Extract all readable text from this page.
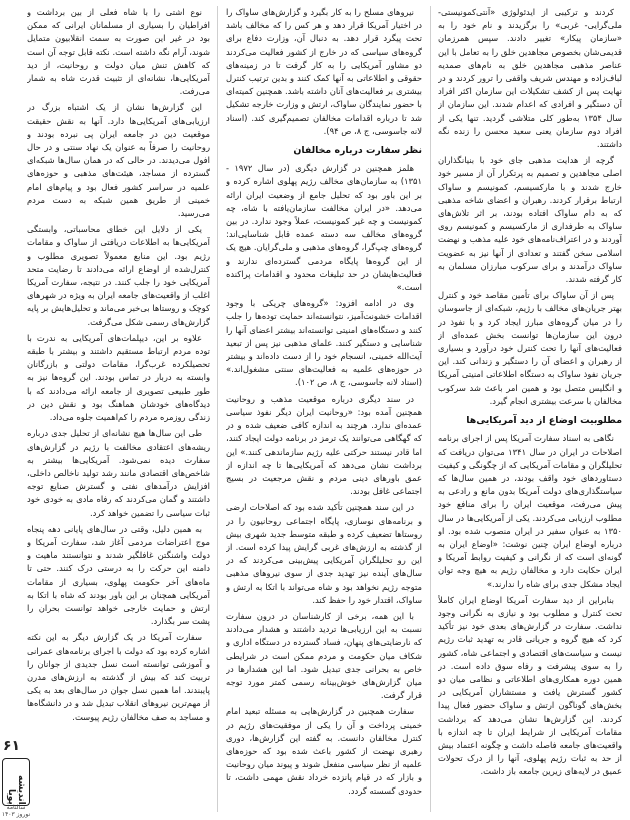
کردند و ترکیبی از ایدئولوژی «آنتی‌کمونیستی- ملی‌گرایی- غربی» را برگزیدند و نام خود را به «سازمان پیکار» تغییر دادند. سپس همرزمان قدیمی‌شان بخصوص مجاهدین خلق را به تعامل با این عناصر مذهبی مجاهدین خلق به نام‌های صمدیه لباف‌زاده و مهندس شریف واقفی را ترور کردند و در نهایت پس از کشف تشکیلات این سازمان اکثر افراد آن دستگیر و افرادی که اعدام شدند. این سازمان از سال ۱۳۵۴ به‌طور کلی متلاشی گردید. تنها یکی از افراد دوم سازمان یعنی سعید محسن را زنده نگه داشتند.

گرچه از هدایت مذهبی جای خود با بنیانگذاران اصلی مجاهدین و تصمیم به پرتکرار آن از مسیر خود خارج شدند و با مارکسیسم، کمونیسم و ساواک ارتباط برقرار کردند. رهبران و اعضای شاخه مذهبی که به دام ساواک افتاده بودند، بر اثر تلاش‌های ساواک به طرفداری از مارکسیسم و کمونیسم روی آوردند و در اعتراف‌نامه‌های خود علیه مذهب و نهضت اسلامی سخن گفتند و تعدادی از آنها نیز به عضویت ساواک درآمدند و برای سرکوب مبارزان مسلمان به کار گرفته شدند.

پس از آن ساواک برای تأمین مقاصد خود و کنترل بهتر جریان‌های مخالف با رژیم، شبکه‌ای از جاسوسان را در میان گروه‌های مبارز ایجاد کرد و با نفوذ در درون این سازمان‌ها توانست بخش عمده‌ای از فعالیت‌های آنها را تحت کنترل خود درآورد و بسیاری از رهبران و اعضای آن را دستگیر و زندانی کند. این جریان نفوذ ساواک به دستگاه اطلاعاتی امنیتی آمریکا و انگلیس متصل بود و همین امر باعث شد سرکوب مخالفان با سرعت بیشتری انجام گیرد.

مطلوبیت اوضاع از دید آمریکایی‌ها

نگاهی به اسناد سفارت آمریکا پس از اجرای برنامه اصلاحات در ایران در سال ۱۳۴۱ می‌توان دریافت که تحلیلگران و مقامات آمریکایی که از چگونگی و کیفیت دستاوردهای خود واقف بودند، در همین سال‌ها که سیاستگذاری‌های دولت آمریکا بدون مانع و رادعی به پیش می‌رفت، موقعیت ایران را برای منافع خود مطلوب ارزیابی می‌کردند. یکی از آمریکایی‌ها در سال ۱۳۵۰ به عنوان سفیر در ایران منصوب شده بود. او درباره اوضاع ایران چنین نوشت: «اوضاع ایران به گونه‌ای است که از نگرانی و کیفیت روابط آمریکا و ایران حکایت دارد و مخالفان رژیم به هیچ وجه توان ایجاد مشکل جدی برای شاه را ندارند.»

بنابراین از دید سفارت آمریکا اوضاع ایران کاملاً تحت کنترل و مطلوب بود و نیازی به نگرانی وجود نداشت. سفارت در گزارش‌های بعدی خود نیز تأکید کرد که هیچ گروه و جریانی قادر به تهدید ثبات رژیم نیست و سیاست‌های اقتصادی و اجتماعی شاه، کشور را به سوی پیشرفت و رفاه سوق داده است. در همین دوره همکاری‌های اطلاعاتی و نظامی میان دو کشور گسترش یافت و مستشاران آمریکایی در بخش‌های گوناگون ارتش و ساواک حضور فعال پیدا کردند. این گزارش‌ها نشان می‌دهد که برداشت مقامات آمریکایی از شرایط ایران تا چه اندازه با واقعیت‌های جامعه فاصله داشت و چگونه اعتماد بیش از حد به ثبات رژیم پهلوی، آنها را از درک تحولات عمیق در لایه‌های زیرین جامعه باز داشت.

نیروهای مسلح را به کار بگیرد و گزارش‌های ساواک را در اختیار آمریکا قرار دهد و هر کس را که مخالف باشد تحت پیگرد قرار دهد. به دنبال آن، وزارت دفاع برای گروه‌های سیاسی که در خارج از کشور فعالیت می‌کردند دو مشاور آمریکایی را به کار گرفت تا در زمینه‌های حقوقی و اطلاعاتی به آنها کمک کنند و بدین ترتیب کنترل بیشتری بر فعالیت‌های آنان داشته باشد. همچنین کمیته‌ای با حضور نمایندگان ساواک، ارتش و وزارت خارجه تشکیل شد تا درباره اقدامات مخالفان تصمیم‌گیری کند. (اسناد لانه جاسوسی، ج ۸، ص ۹۴).

نظر سفارت درباره مخالفان

هلمز همچنین در گزارش دیگری (در سال ۱۹۷۲ - ۱۳۵۱) به سازمان‌های مخالف رژیم پهلوی اشاره کرده و بر این باور بود که تحلیل جامع از وضعیت ایران ارائه می‌دهد. «در ایران مخالفت سازمان‌یافته با شاه، چه کمونیست و چه غیر کمونیست، عملاً وجود ندارد. در بین گروه‌های مخالف سه دسته عمده قابل شناسایی‌اند: گروه‌های چپ‌گرا، گروه‌های مذهبی و ملی‌گرایان. هیچ یک از این گروه‌ها پایگاه مردمی گسترده‌ای ندارند و فعالیت‌هایشان در حد تبلیغات محدود و اقدامات پراکنده است.»

وی در ادامه افزود: «گروه‌های چریکی با وجود اقدامات خشونت‌آمیز، نتوانسته‌اند حمایت توده‌ها را جلب کنند و دستگاه‌های امنیتی توانسته‌اند بیشتر اعضای آنها را شناسایی و دستگیر کنند. علمای مذهبی نیز پس از تبعید آیت‌الله خمینی، انسجام خود را از دست داده‌اند و بیشتر در حوزه‌های علمیه به فعالیت‌های سنتی مشغول‌اند.» (اسناد لانه جاسوسی، ج ۸، ص ۱۰۲).

در سند دیگری درباره موقعیت مذهب و روحانیت همچنین آمده بود: «روحانیت ایران دیگر نفوذ سیاسی عمده‌ای ندارد. هرچند به اندازه کافی ضعیف شده و در که گهگاهی می‌توانند یک ترمز در برنامه دولت ایجاد کنند، اما قادر نیستند حرکتی علیه رژیم سازماندهی کنند.» این برداشت نشان می‌دهد که آمریکایی‌ها تا چه اندازه از عمق باورهای دینی مردم و نقش مرجعیت در بسیج اجتماعی غافل بودند.

در این سند همچنین تأکید شده بود که اصلاحات ارضی و برنامه‌های نوسازی، پایگاه اجتماعی روحانیون را در روستاها تضعیف کرده و طبقه متوسط جدید شهری بیش از گذشته به ارزش‌های غربی گرایش پیدا کرده است. از این رو تحلیلگران آمریکایی پیش‌بینی می‌کردند که در سال‌های آینده نیز تهدید جدی از سوی نیروهای مذهبی متوجه رژیم نخواهد بود و شاه می‌تواند با اتکا به ارتش و ساواک، اقتدار خود را حفظ کند.

با این همه، برخی از کارشناسان در درون سفارت نسبت به این ارزیابی‌ها تردید داشتند و هشدار می‌دادند که نارضایتی‌های پنهان، فساد گسترده در دستگاه اداری و شکاف میان حکومت و مردم ممکن است در شرایطی خاص به بحرانی جدی تبدیل شود. اما این هشدارها در میان گزارش‌های خوش‌بینانه رسمی کمتر مورد توجه قرار گرفت.

سفارت همچنین در گزارش‌هایی به مسئله تبعید امام خمینی پرداخت و آن را یکی از موفقیت‌های رژیم در کنترل مخالفان دانست. به گفته این گزارش‌ها، دوری رهبری نهضت از کشور باعث شده بود که حوزه‌های علمیه از نظر سیاسی منفعل شوند و پیوند میان روحانیت و بازار که در قیام پانزده خرداد نقش مهمی داشت، تا حدودی گسسته گردد.

نوع اشتی را با شاه فعلی از بین برداشت و افراطیان را بسیاری از مسلمانان ایرانی که ممکن بود در غیر این صورت به سمت انقلابیون متمایل شوند، آرام نگه داشته است. نکته قابل توجه آن است که کاهش تنش میان دولت و روحانیت، از دید آمریکایی‌ها، نشانه‌ای از تثبیت قدرت شاه به شمار می‌رفت.

این گزارش‌ها نشان از یک اشتباه بزرگ در ارزیابی‌های آمریکایی‌ها دارد. آنها به نقش حقیقت موقعیت دین در جامعه ایران پی نبرده بودند و روحانیت را صرفاً به عنوان یک نهاد سنتی و در حال افول می‌دیدند. در حالی که در همان سال‌ها شبکه‌ای گسترده از مساجد، هیئت‌های مذهبی و حوزه‌های علمیه در سراسر کشور فعال بود و پیام‌های امام خمینی از طریق همین شبکه به دست مردم می‌رسید.

یکی از دلایل این خطای محاسباتی، وابستگی آمریکایی‌ها به اطلاعات دریافتی از ساواک و مقامات رژیم بود. این منابع معمولاً تصویری مطلوب و کنترل‌شده از اوضاع ارائه می‌دادند تا رضایت متحد آمریکایی خود را جلب کنند. در نتیجه، سفارت آمریکا اغلب از واقعیت‌های جامعه ایران به ویژه در شهرهای کوچک و روستاها بی‌خبر می‌ماند و تحلیل‌هایش بر پایه گزارش‌های رسمی شکل می‌گرفت.

علاوه بر این، دیپلمات‌های آمریکایی به ندرت با توده مردم ارتباط مستقیم داشتند و بیشتر با طبقه تحصیلکرده غرب‌گرا، مقامات دولتی و بازرگانان وابسته به دربار در تماس بودند. این گروه‌ها نیز به طور طبیعی تصویری از جامعه ارائه می‌دادند که با دیدگاه‌های خودشان هماهنگ بود و نقش دین در زندگی روزمره مردم را کم‌اهمیت جلوه می‌داد.

طی این سال‌ها هیچ نشانه‌ای از تحلیل جدی درباره ریشه‌های اعتقادی مخالفت با رژیم در گزارش‌های سفارت دیده نمی‌شود. آمریکایی‌ها بیشتر به شاخص‌های اقتصادی مانند رشد تولید ناخالص داخلی، افزایش درآمدهای نفتی و گسترش صنایع توجه داشتند و گمان می‌کردند که رفاه مادی به خودی خود ثبات سیاسی را تضمین خواهد کرد.

به همین دلیل، وقتی در سال‌های پایانی دهه پنجاه موج اعتراضات مردمی آغاز شد، سفارت آمریکا و دولت واشنگتن غافلگیر شدند و نتوانستند ماهیت و دامنه این حرکت را به درستی درک کنند. حتی تا ماه‌های آخر حکومت پهلوی، بسیاری از مقامات آمریکایی همچنان بر این باور بودند که شاه با اتکا به ارتش و حمایت خارجی خواهد توانست بحران را پشت سر بگذارد.

سفارت آمریکا در یک گزارش دیگر به این نکته اشاره کرده بود که دولت با اجرای برنامه‌های عمرانی و آموزشی توانسته است نسل جدیدی از جوانان را تربیت کند که بیش از گذشته به ارزش‌های مدرن پایبندند. اما همین نسل جوان در سال‌های بعد به یکی از مهم‌ترین نیروهای انقلاب تبدیل شد و در دانشگاه‌ها و مساجد به صف مخالفان رژیم پیوست.

۶۱
اندیشه پویا
سالنامه نوروز ۱۴۰۳
